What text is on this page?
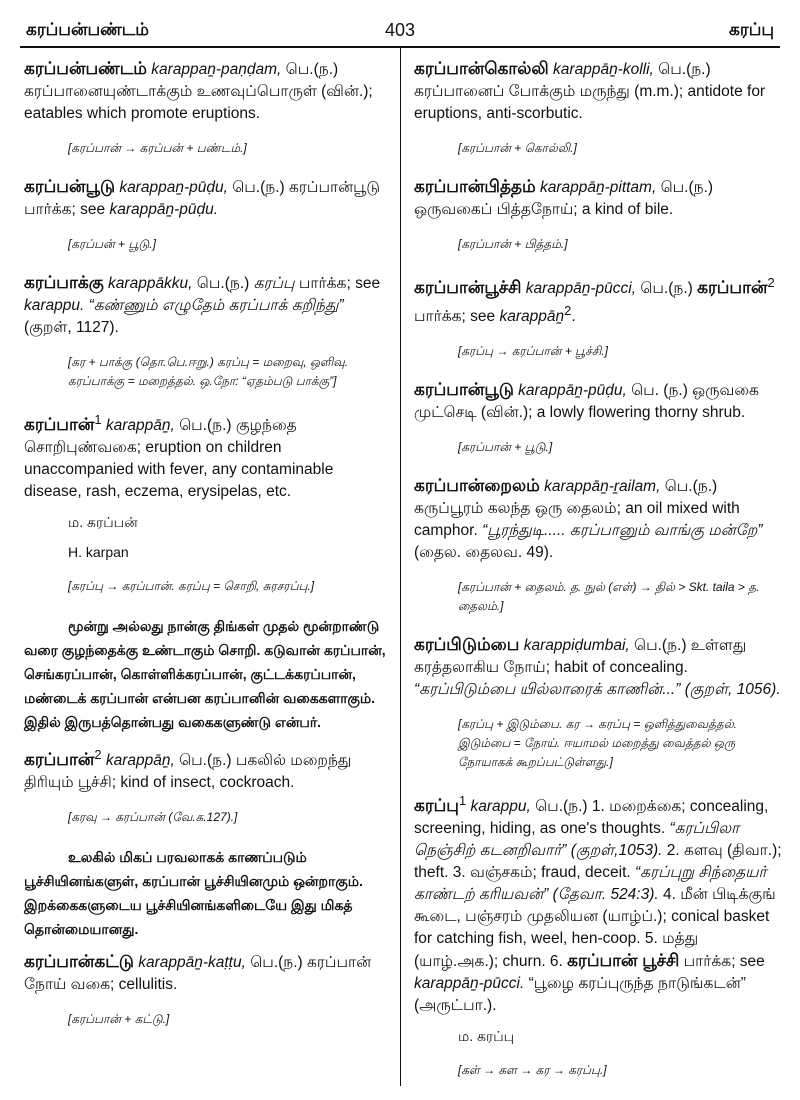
கரப்பன்பண்டம்	403	கரப்பு

கரப்பன்பண்டம் karappaṉ-paṇḍam, பெ.(ந.) கரப்பானையுண்டாக்கும் உணவுப்பொருள் (வின்.); eatables which promote eruptions.

[கரப்பான் → கரப்பன் + பண்டம்.]

கரப்பன்பூடு karappaṉ-pūḍu, பெ.(ந.) கரப்பான்பூடு பார்க்க; see karappāṉ-pūḍu.

[கரப்பன் + பூடு.]

கரப்பாக்கு karappākku, பெ.(ந.) கரப்பு பார்க்க; see karappu. “கண்ணும் எழுதேம் கரப்பாக் கறிந்து” (குறள், 1127).

[கர + பாக்கு (தொ.பெ.ஈறு.) கரப்பு = மறைவு, ஒளிவு. கரப்பாக்கு = மறைத்தல். ஒ.நோ: “ஏதம்படு பாக்கு”]

கரப்பான்$^1$ karappāṉ, பெ.(ந.) குழந்தை சொறிபுண்வகை; eruption on children unaccompanied with fever, any contaminable disease, rash, eczema, erysipelas, etc.

ம. கரப்பன்
H. karpan
[கரப்பு → கரப்பான். கரப்பு = சொறி, சுரசரப்பு.]

மூன்று அல்லது நான்கு திங்கள் முதல் மூன்றாண்டு வரை குழந்தைக்கு உண்டாகும் சொறி. கடுவான் கரப்பான், செங்கரப்பான், கொள்ளிக்கரப்பான், குட்டக்கரப்பான், மண்டைக் கரப்பான் என்பன கரப்பானின் வகைகளாகும். இதில் இருபத்தொன்பது வகைகளுண்டு என்பர்.

கரப்பான்$^2$ karappāṉ, பெ.(ந.) பகலில் மறைந்து திரியும் பூச்சி; kind of insect, cockroach.

[கரவு → கரப்பான் (வே.க.127).]

உலகில் மிகப் பரவலாகக் காணப்படும் பூச்சியினங்களுள், கரப்பான் பூச்சியினமும் ஒன்றாகும். இறக்கைகளுடைய பூச்சியினங்களிடையே இது மிகத் தொன்மையானது.

கரப்பான்கட்டு karappāṉ-kaṭṭu, பெ.(ந.) கரப்பான் நோய் வகை; cellulitis.

[கரப்பான் + கட்டு.]

கரப்பான்கொல்லி karappāṉ-kolli, பெ.(ந.) கரப்பானைப் போக்கும் மருந்து (m.m.); antidote for eruptions, anti-scorbutic.

[கரப்பான் + கொல்லி.]

கரப்பான்பித்தம் karappāṉ-pittam, பெ.(ந.) ஒருவகைப் பித்தநோய்; a kind of bile.

[கரப்பான் + பித்தம்.]

கரப்பான்பூச்சி karappāṉ-pūcci, பெ.(ந.) கரப்பான்$^2$ பார்க்க; see karappāṉ$^2$.

[கரப்பு → கரப்பான் + பூச்சி.]

கரப்பான்பூடு karappāṉ-pūḍu, பெ. (ந.) ஒருவகை முட்செடி (வின்.); a lowly flowering thorny shrub.

[கரப்பான் + பூடு.]

கரப்பான்றைலம் karappāṉ-ṟailam, பெ.(ந.) கருப்பூரம் கலந்த ஒரு தைலம்; an oil mixed with camphor. “பூரந்துடி..... கரப்பானும் வாங்கு மன்றே” (தைல. தைலவ. 49).

[கரப்பான் + தைலம். த. நுல் (எள்) → தில் > Skt. taila > த. தைலம்.]

கரப்பிடும்பை karappiḍumbai, பெ.(ந.) உள்ளது கரத்தலாகிய நோய்; habit of concealing. “கரப்பிடும்பை யில்லாரைக் காணின்...” (குறள், 1056).

[கரப்பு + இடும்பை. கர → கரப்பு = ஒளித்துவைத்தல். இடும்பை = நோய். ஈயாமல் மறைத்து வைத்தல் ஒரு நோயாகக் கூறப்பட்டுள்ளது.]

கரப்பு$^1$ karappu, பெ.(ந.) 1. மறைக்கை; concealing, screening, hiding, as one's thoughts. “கரப்பிலா நெஞ்சிற் கடனறிவார்” (குறள்,1053). 2. களவு (திவா.); theft. 3. வஞ்சகம்; fraud, deceit. “கரப்புறு சிந்தையர் காண்டற் கரியவன்” (தேவா. 524:3). 4. மீன் பிடிக்குங் கூடை, பஞ்சரம் முதலியன (யாழ்ப்.); conical basket for catching fish, weel, hen-coop. 5. மத்து (யாழ்.அக.); churn. 6. கரப்பான் பூச்சி பார்க்க; see karappāṉ-pūcci. “பூழை கரப்புருந்த நாடுங்கடன்” (அருட்பா.).

ம. கரப்பு
[கள் → கள → கர → கரப்பு.]
